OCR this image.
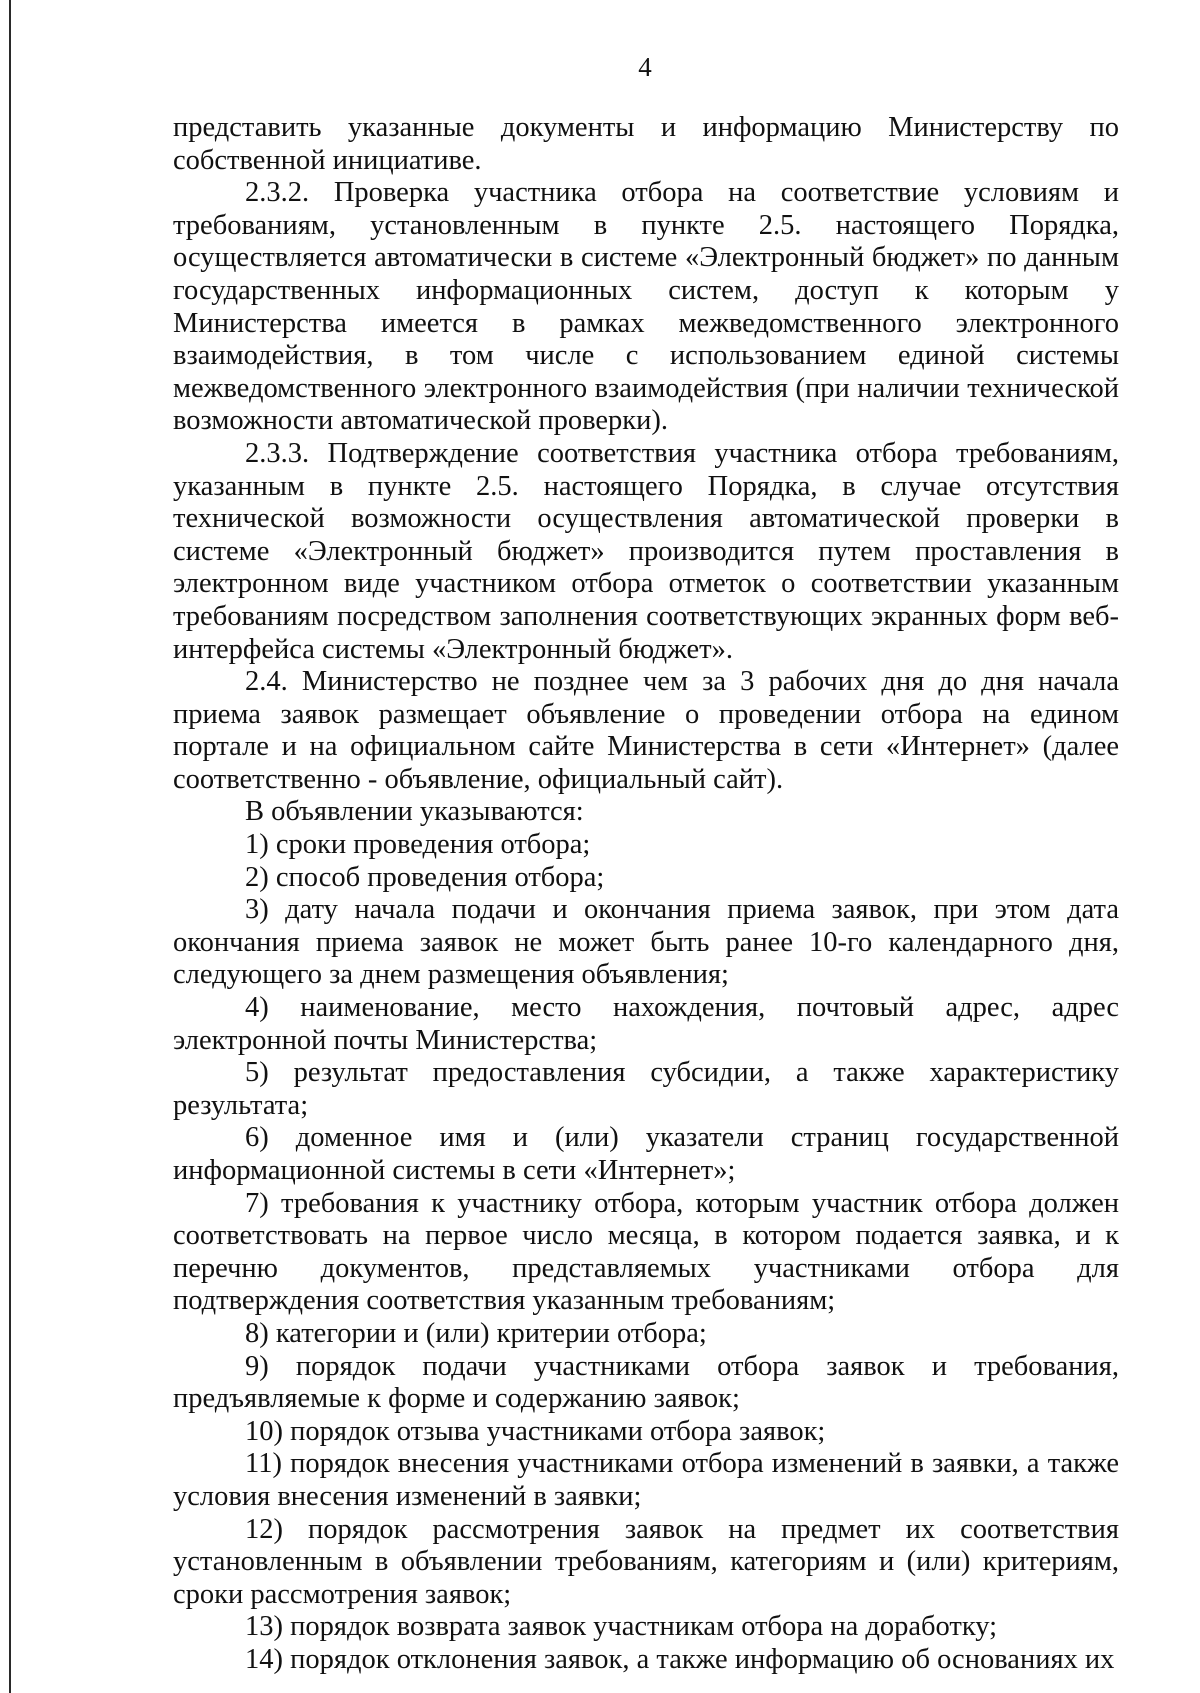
4

представить указанные документы и информацию Министерству по собственной инициативе.

2.3.2. Проверка участника отбора на соответствие условиям и требованиям, установленным в пункте 2.5. настоящего Порядка, осуществляется автоматически в системе «Электронный бюджет» по данным государственных информационных систем, доступ к которым у Министерства имеется в рамках межведомственного электронного взаимодействия, в том числе с использованием единой системы межведомственного электронного взаимодействия (при наличии технической возможности автоматической проверки).

2.3.3. Подтверждение соответствия участника отбора требованиям, указанным в пункте 2.5. настоящего Порядка, в случае отсутствия технической возможности осуществления автоматической проверки в системе «Электронный бюджет» производится путем проставления в электронном виде участником отбора отметок о соответствии указанным требованиям посредством заполнения соответствующих экранных форм веб-интерфейса системы «Электронный бюджет».

2.4. Министерство не позднее чем за 3 рабочих дня до дня начала приема заявок размещает объявление о проведении отбора на едином портале и на официальном сайте Министерства в сети «Интернет» (далее соответственно - объявление, официальный сайт).

В объявлении указываются:

1) сроки проведения отбора;

2) способ проведения отбора;

3) дату начала подачи и окончания приема заявок, при этом дата окончания приема заявок не может быть ранее 10-го календарного дня, следующего за днем размещения объявления;

4) наименование, место нахождения, почтовый адрес, адрес электронной почты Министерства;

5) результат предоставления субсидии, а также характеристику результата;

6) доменное имя и (или) указатели страниц государственной информационной системы в сети «Интернет»;

7) требования к участнику отбора, которым участник отбора должен соответствовать на первое число месяца, в котором подается заявка, и к перечню документов, представляемых участниками отбора для подтверждения соответствия указанным требованиям;

8) категории и (или) критерии отбора;

9) порядок подачи участниками отбора заявок и требования, предъявляемые к форме и содержанию заявок;

10) порядок отзыва участниками отбора заявок;

11) порядок внесения участниками отбора изменений в заявки, а также условия внесения изменений в заявки;

12) порядок рассмотрения заявок на предмет их соответствия установленным в объявлении требованиям, категориям и (или) критериям, сроки рассмотрения заявок;

13) порядок возврата заявок участникам отбора на доработку;

14) порядок отклонения заявок, а также информацию об основаниях их
